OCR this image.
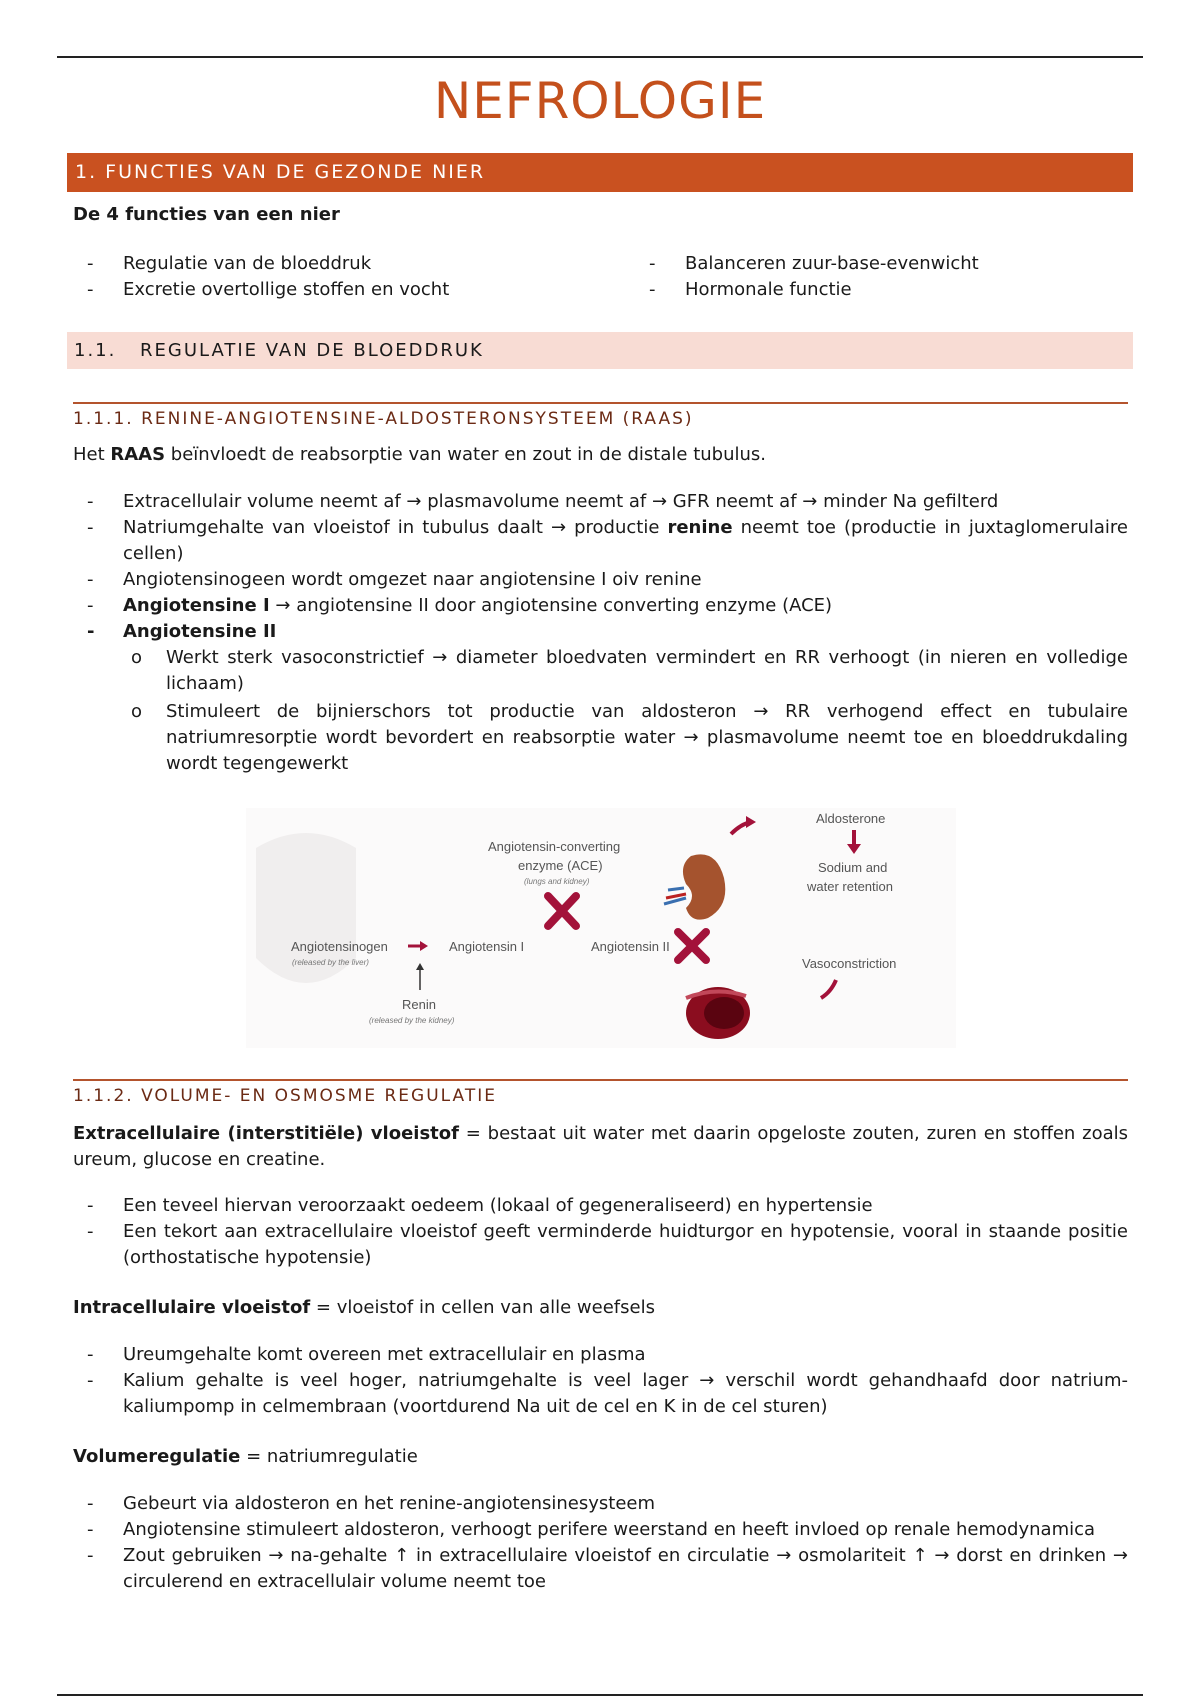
NEFROLOGIE
1. FUNCTIES VAN DE GEZONDE NIER
De 4 functies van een nier
- Regulatie van de bloeddruk
- Excretie overtollige stoffen en vocht
- Balanceren zuur-base-evenwicht
- Hormonale functie
1.1. REGULATIE VAN DE BLOEDDRUK
1.1.1. RENINE-ANGIOTENSINE-ALDOSTERONSYSTEEM (RAAS)
Het RAAS beïnvloedt de reabsorptie van water en zout in de distale tubulus.
- Extracellulair volume neemt af → plasmavolume neemt af → GFR neemt af → minder Na gefilterd
- Natriumgehalte van vloeistof in tubulus daalt → productie renine neemt toe (productie in juxtaglomerulaire cellen)
- Angiotensinogeen wordt omgezet naar angiotensine I oiv renine
- Angiotensine I → angiotensine II door angiotensine converting enzyme (ACE)
- Angiotensine II
o Werkt sterk vasoconstrictief → diameter bloedvaten vermindert en RR verhoogt (in nieren en volledige lichaam)
o Stimuleert de bijnierschors tot productie van aldosteron → RR verhogend effect en tubulaire natriumresorptie wordt bevordert en reabsorptie water → plasmavolume neemt toe en bloeddrukdaling wordt tegengewerkt
Angiotensinogen
(released by the liver)
Angiotensin I	Angiotensin II
Renin
(released by the kidney)
Angiotensin-converting
enzyme (ACE)
(lungs and kidney)
Aldosterone
Sodium and
water retention
Vasoconstriction
1.1.2. VOLUME- EN OSMOSME REGULATIE
Extracellulaire (interstitiële) vloeistof = bestaat uit water met daarin opgeloste zouten, zuren en stoffen zoals ureum, glucose en creatine.
- Een teveel hiervan veroorzaakt oedeem (lokaal of gegeneraliseerd) en hypertensie
- Een tekort aan extracellulaire vloeistof geeft verminderde huidturgor en hypotensie, vooral in staande positie (orthostatische hypotensie)
Intracellulaire vloeistof = vloeistof in cellen van alle weefsels
- Ureumgehalte komt overeen met extracellulair en plasma
- Kalium gehalte is veel hoger, natriumgehalte is veel lager → verschil wordt gehandhaafd door natrium-kaliumpomp in celmembraan (voortdurend Na uit de cel en K in de cel sturen)
Volumeregulatie = natriumregulatie
- Gebeurt via aldosteron en het renine-angiotensinesysteem
- Angiotensine stimuleert aldosteron, verhoogt perifere weerstand en heeft invloed op renale hemodynamica
- Zout gebruiken → na-gehalte ↑ in extracellulaire vloeistof en circulatie → osmolariteit ↑ → dorst en drinken → circulerend en extracellulair volume neemt toe
